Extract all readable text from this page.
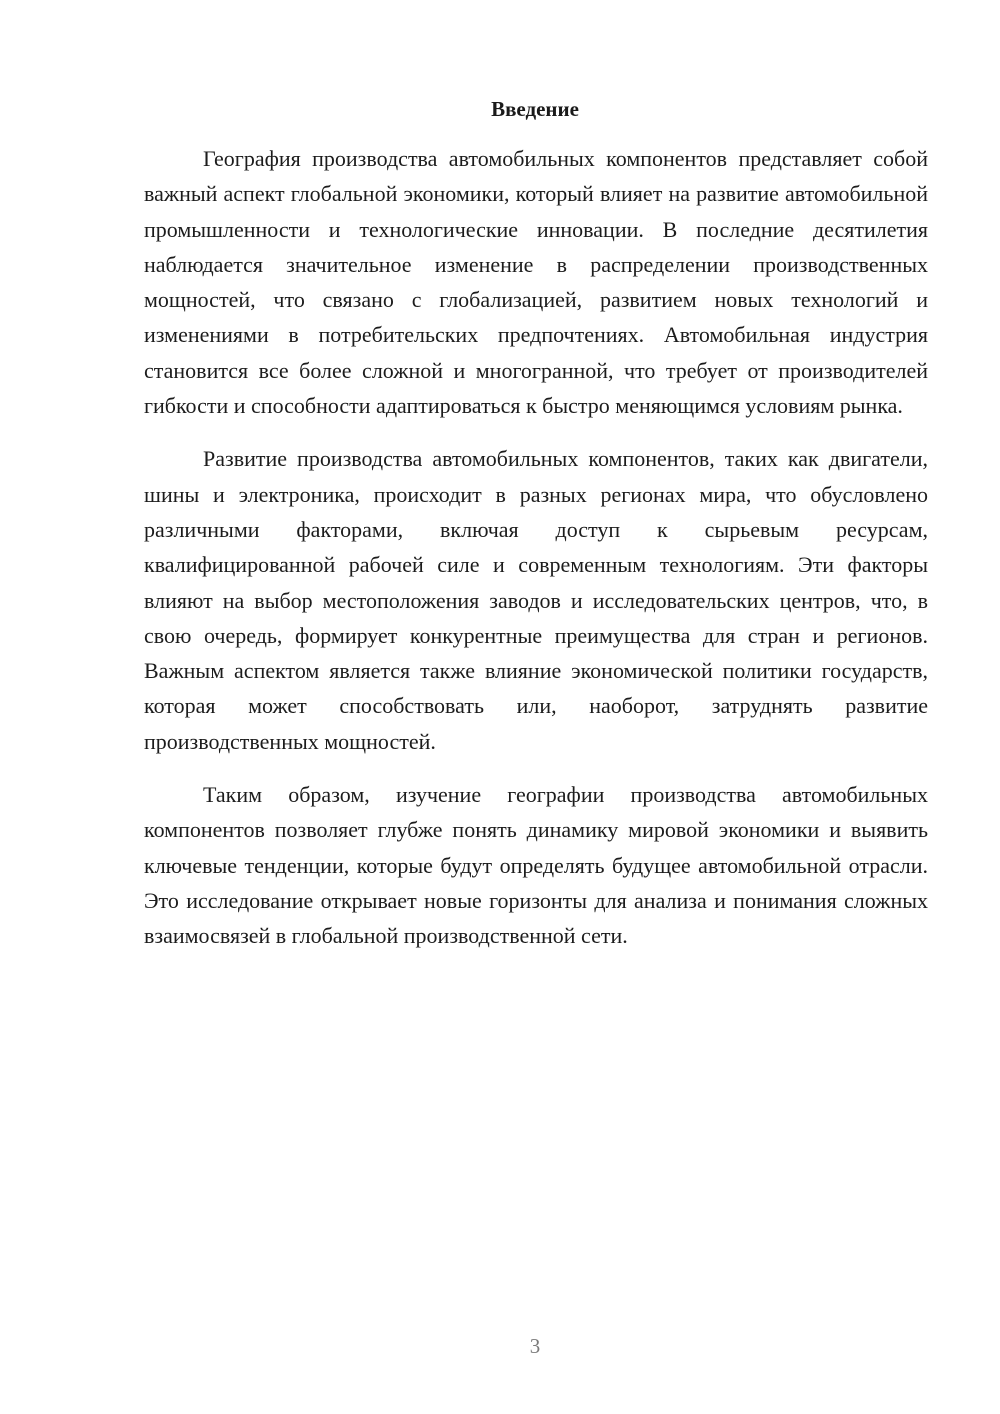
Введение

География производства автомобильных компонентов представляет собой важный аспект глобальной экономики, который влияет на развитие автомобильной промышленности и технологические инновации. В последние десятилетия наблюдается значительное изменение в распределении производственных мощностей, что связано с глобализацией, развитием новых технологий и изменениями в потребительских предпочтениях. Автомобильная индустрия становится все более сложной и многогранной, что требует от производителей гибкости и способности адаптироваться к быстро меняющимся условиям рынка.

Развитие производства автомобильных компонентов, таких как двигатели, шины и электроника, происходит в разных регионах мира, что обусловлено различными факторами, включая доступ к сырьевым ресурсам, квалифицированной рабочей силе и современным технологиям. Эти факторы влияют на выбор местоположения заводов и исследовательских центров, что, в свою очередь, формирует конкурентные преимущества для стран и регионов. Важным аспектом является также влияние экономической политики государств, которая может способствовать или, наоборот, затруднять развитие производственных мощностей.

Таким образом, изучение географии производства автомобильных компонентов позволяет глубже понять динамику мировой экономики и выявить ключевые тенденции, которые будут определять будущее автомобильной отрасли. Это исследование открывает новые горизонты для анализа и понимания сложных взаимосвязей в глобальной производственной сети.

3
